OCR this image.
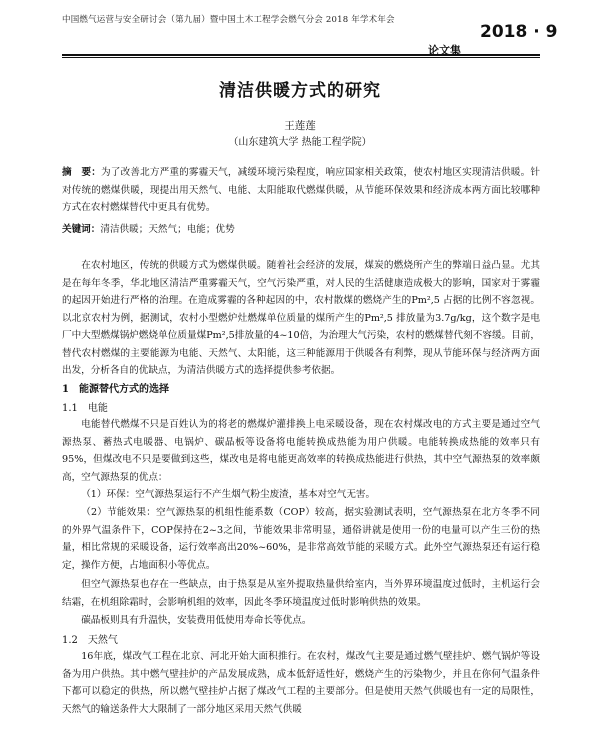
中国燃气运营与安全研讨会（第九届）暨中国土木工程学会燃气分会 2018 年学术年会
2018 · 9
论文集
清洁供暖方式的研究
王莲莲
（山东建筑大学 热能工程学院）
摘　要：为了改善北方严重的雾霾天气，减缓环境污染程度，响应国家相关政策，使农村地区实现清洁供暖。针对传统的燃煤供暖，现提出用天然气、电能、太阳能取代燃煤供暖，从节能环保效果和经济成本两方面比较哪种方式在农村燃煤替代中更具有优势。
关键词：清洁供暖；天然气；电能；优势
在农村地区，传统的供暖方式为燃煤供暖。随着社会经济的发展，煤炭的燃烧所产生的弊端日益凸显。尤其是在每年冬季，华北地区清洁严重雾霾天气，空气污染严重，对人民的生活健康造成极大的影响，国家对于雾霾的起因开始进行严格的治理。在造成雾霾的各种起因的中，农村散煤的燃烧产生的Pm²,5 占据的比例不容忽视。以北京农村为例，据测试，农村小型燃炉灶燃煤单位质量的煤所产生的Pm²,5 排放量为3.7g/kg，这个数字是电厂中大型燃煤锅炉燃烧单位质量煤Pm²,5排放量的4~10倍，为治理大气污染，农村的燃煤替代刻不容缓。目前，替代农村燃煤的主要能源为电能、天然气、太阳能，这三种能源用于供暖各有利弊，现从节能环保与经济两方面出发，分析各自的优缺点，为清洁供暖方式的选择提供参考依据。
1　能源替代方式的选择
1.1　电能
电能替代燃煤不只是百姓认为的将老的燃煤炉灌排换上电采暖设备，现在农村煤改电的方式主要是通过空气源热泵、蓄热式电暖器、电锅炉、碳晶板等设备将电能转换成热能为用户供暖。电能转换成热能的效率只有95%，但煤改电不只是要做到这些，煤改电是将电能更高效率的转换成热能进行供热，其中空气源热泵的效率颇高，空气源热泵的优点：
（1）环保：空气源热泵运行不产生烟气粉尘废渣，基本对空气无害。
（2）节能效果：空气源热泵的机组性能系数（COP）较高，据实验测试表明，空气源热泵在北方冬季不同的外界气温条件下，COP保持在2~3之间，节能效果非常明显，通俗讲就是使用一份的电量可以产生三份的热量，相比常规的采暖设备，运行效率高出20%~60%，是非常高效节能的采暖方式。此外空气源热泵还有运行稳定，操作方便，占地面积小等优点。
但空气源热泵也存在一些缺点，由于热泵是从室外提取热量供给室内，当外界环境温度过低时，主机运行会结霜，在机组除霜时，会影响机组的效率，因此冬季环境温度过低时影响供热的效果。
碳晶板则具有升温快，安装费用低使用寿命长等优点。
1.2　天然气
16年底，煤改气工程在北京、河北开始大面积推行。在农村，煤改气主要是通过燃气壁挂炉、燃气锅炉等设备为用户供热。其中燃气壁挂炉的产品发展成熟，成本低舒适性好，燃烧产生的污染物少，并且在你何气温条件下都可以稳定的供热，所以燃气壁挂炉占据了煤改气工程的主要部分。但是使用天然气供暖也有一定的局限性，天然气的输送条件大大限制了一部分地区采用天然气供暖
